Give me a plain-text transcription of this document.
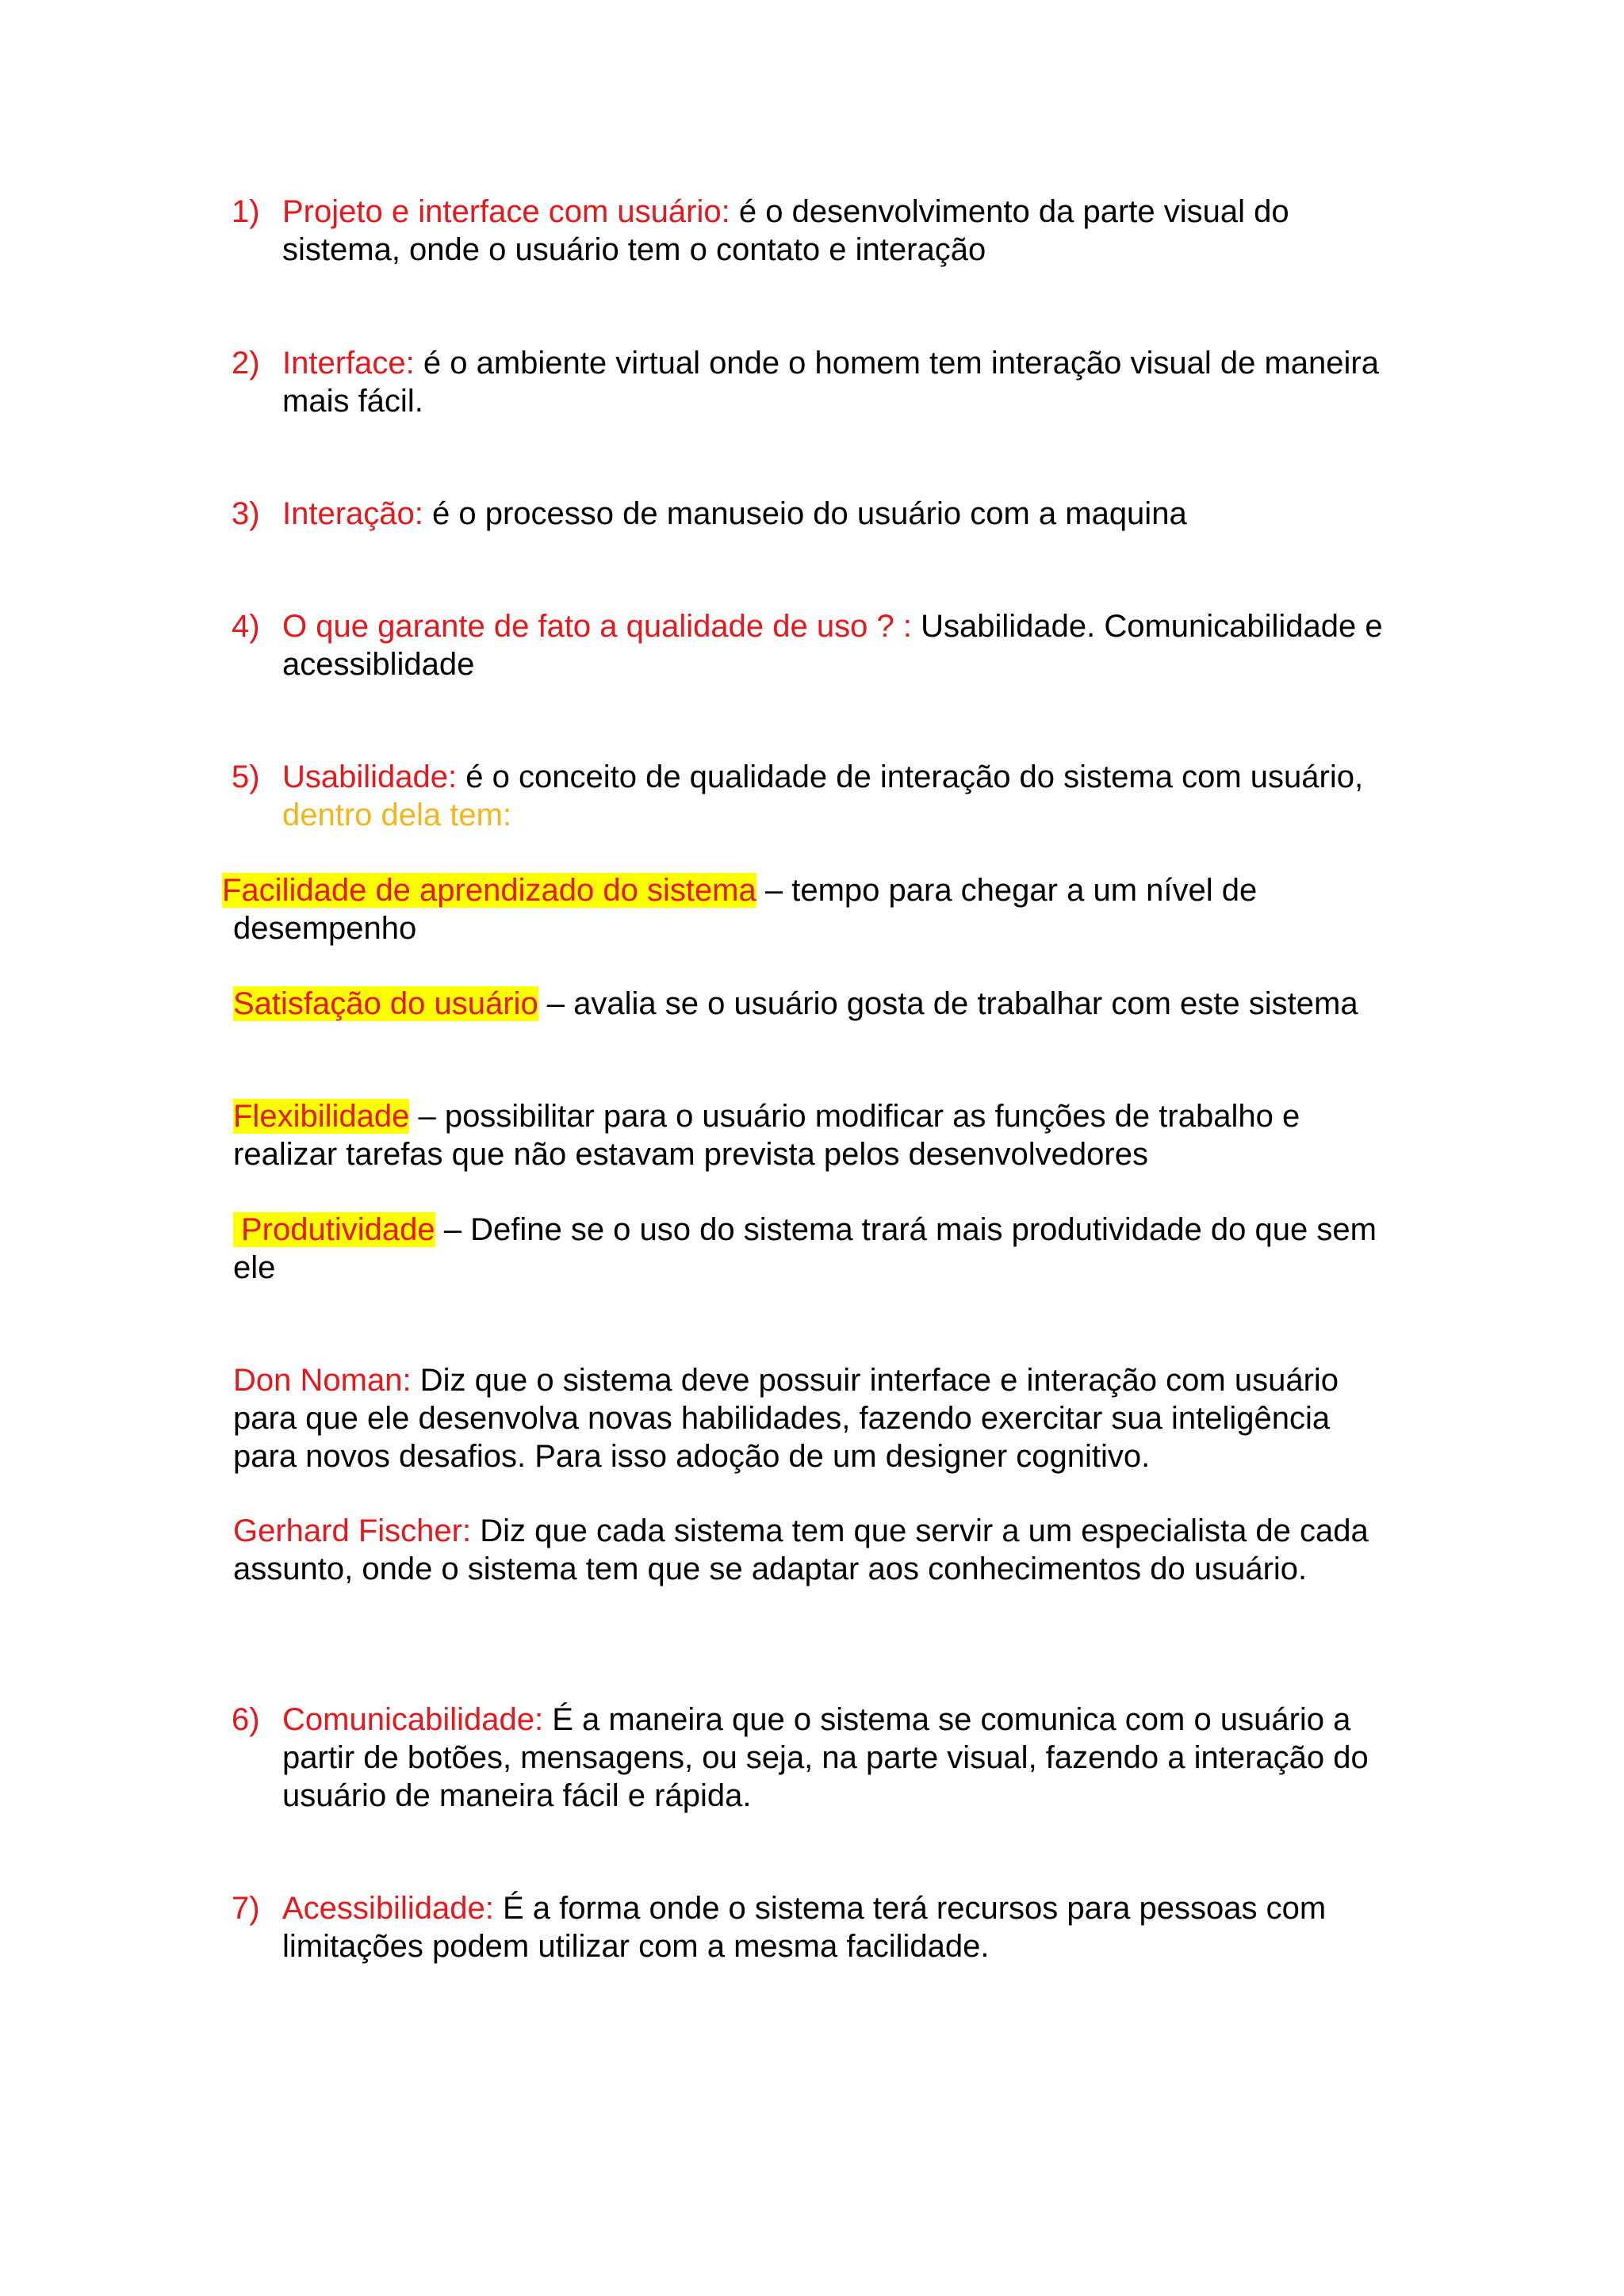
1) Projeto e interface com usuário: é o desenvolvimento da parte visual do sistema, onde o usuário tem o contato e interação

2) Interface: é o ambiente virtual onde o homem tem interação visual de maneira mais fácil.

3) Interação: é o processo de manuseio do usuário com a maquina

4) O que garante de fato a qualidade de uso ? : Usabilidade. Comunicabilidade e acessiblidade

5) Usabilidade: é o conceito de qualidade de interação do sistema com usuário, dentro dela tem:

Facilidade de aprendizado do sistema – tempo para chegar a um nível de desempenho

Satisfação do usuário – avalia se o usuário gosta de trabalhar com este sistema

Flexibilidade – possibilitar para o usuário modificar as funções de trabalho e realizar tarefas que não estavam prevista pelos desenvolvedores

Produtividade – Define se o uso do sistema trará mais produtividade do que sem ele

Don Noman: Diz que o sistema deve possuir interface e interação com usuário para que ele desenvolva novas habilidades, fazendo exercitar sua inteligência para novos desafios. Para isso adoção de um designer cognitivo.

Gerhard Fischer: Diz que cada sistema tem que servir a um especialista de cada assunto, onde o sistema tem que se adaptar aos conhecimentos do usuário.

6) Comunicabilidade: É a maneira que o sistema se comunica com o usuário a partir de botões, mensagens, ou seja, na parte visual, fazendo a interação do usuário de maneira fácil e rápida.

7) Acessibilidade: É a forma onde o sistema terá recursos para pessoas com limitações podem utilizar com a mesma facilidade.
